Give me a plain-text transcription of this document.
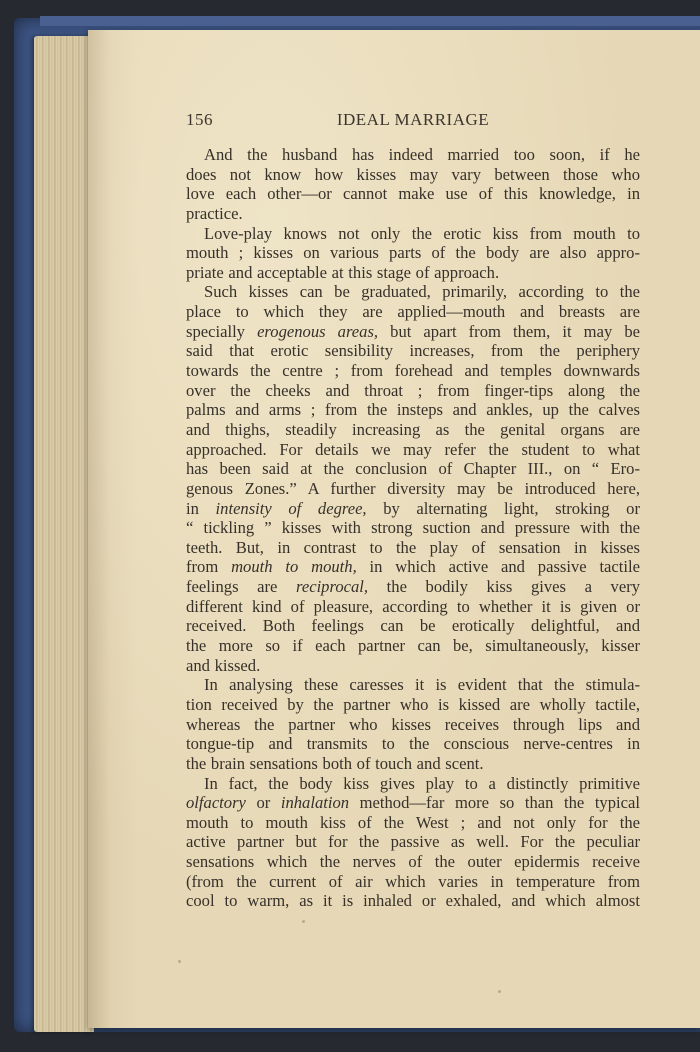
156	IDEAL MARRIAGE
And the husband has indeed married too soon, if he
does not know how kisses may vary between those who
love each other—or cannot make use of this knowledge, in
practice.
Love-play knows not only the erotic kiss from mouth to
mouth ; kisses on various parts of the body are also appro-
priate and acceptable at this stage of approach.
Such kisses can be graduated, primarily, according to the
place to which they are applied—mouth and breasts are
specially erogenous areas, but apart from them, it may be
said that erotic sensibility increases, from the periphery
towards the centre ; from forehead and temples downwards
over the cheeks and throat ; from finger-tips along the
palms and arms ; from the insteps and ankles, up the calves
and thighs, steadily increasing as the genital organs are
approached. For details we may refer the student to what
has been said at the conclusion of Chapter III., on “ Ero-
genous Zones.” A further diversity may be introduced here,
in intensity of degree, by alternating light, stroking or
“ tickling ” kisses with strong suction and pressure with the
teeth. But, in contrast to the play of sensation in kisses
from mouth to mouth, in which active and passive tactile
feelings are reciprocal, the bodily kiss gives a very
different kind of pleasure, according to whether it is given or
received. Both feelings can be erotically delightful, and
the more so if each partner can be, simultaneously, kisser
and kissed.
In analysing these caresses it is evident that the stimula-
tion received by the partner who is kissed are wholly tactile,
whereas the partner who kisses receives through lips and
tongue-tip and transmits to the conscious nerve-centres in
the brain sensations both of touch and scent.
In fact, the body kiss gives play to a distinctly primitive
olfactory or inhalation method—far more so than the typical
mouth to mouth kiss of the West ; and not only for the
active partner but for the passive as well. For the peculiar
sensations which the nerves of the outer epidermis receive
(from the current of air which varies in temperature from
cool to warm, as it is inhaled or exhaled, and which almost
